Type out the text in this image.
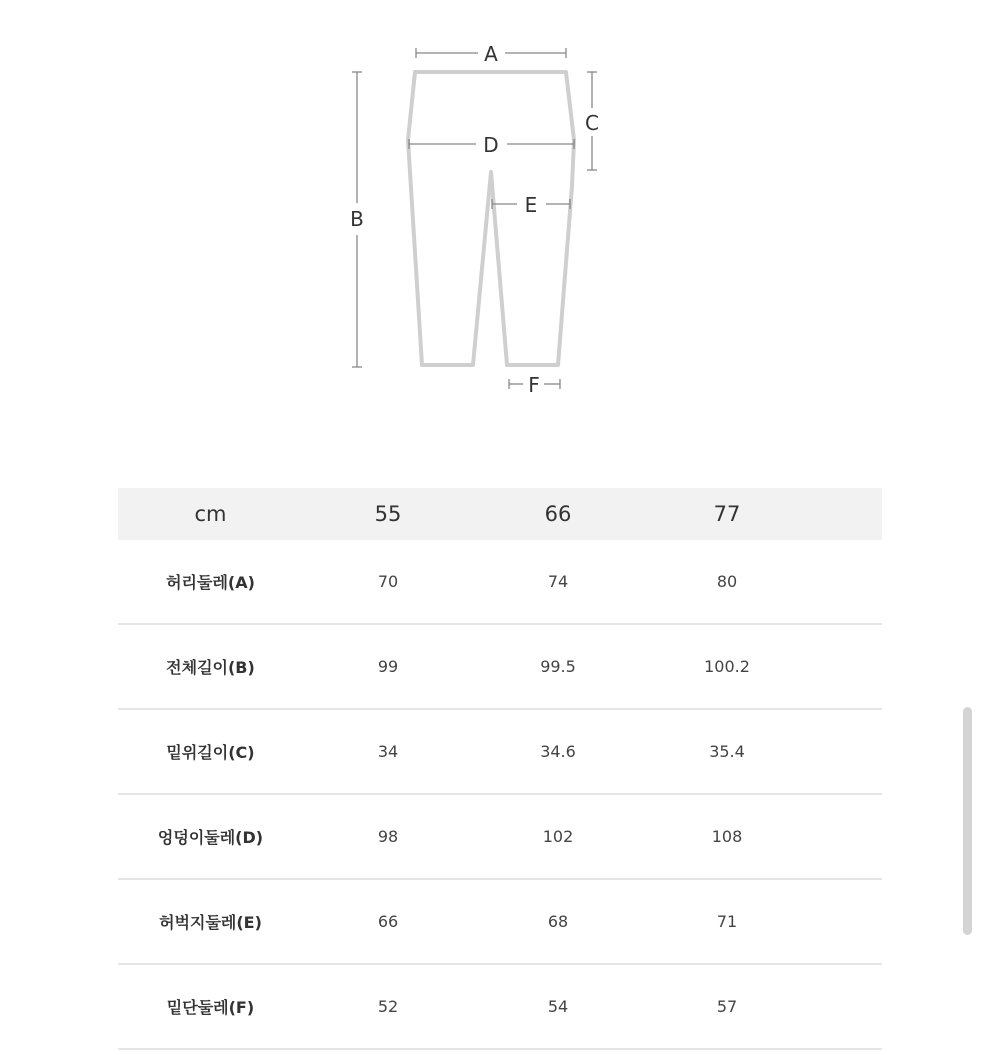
A
B
C
D
E
F
cm	55	66	77	
허리둘레(A)	70	74	80	
전체길이(B)	99	99.5	100.2	
밑위길이(C)	34	34.6	35.4	
엉덩이둘레(D)	98	102	108	
허벅지둘레(E)	66	68	71	
밑단둘레(F)	52	54	57	
